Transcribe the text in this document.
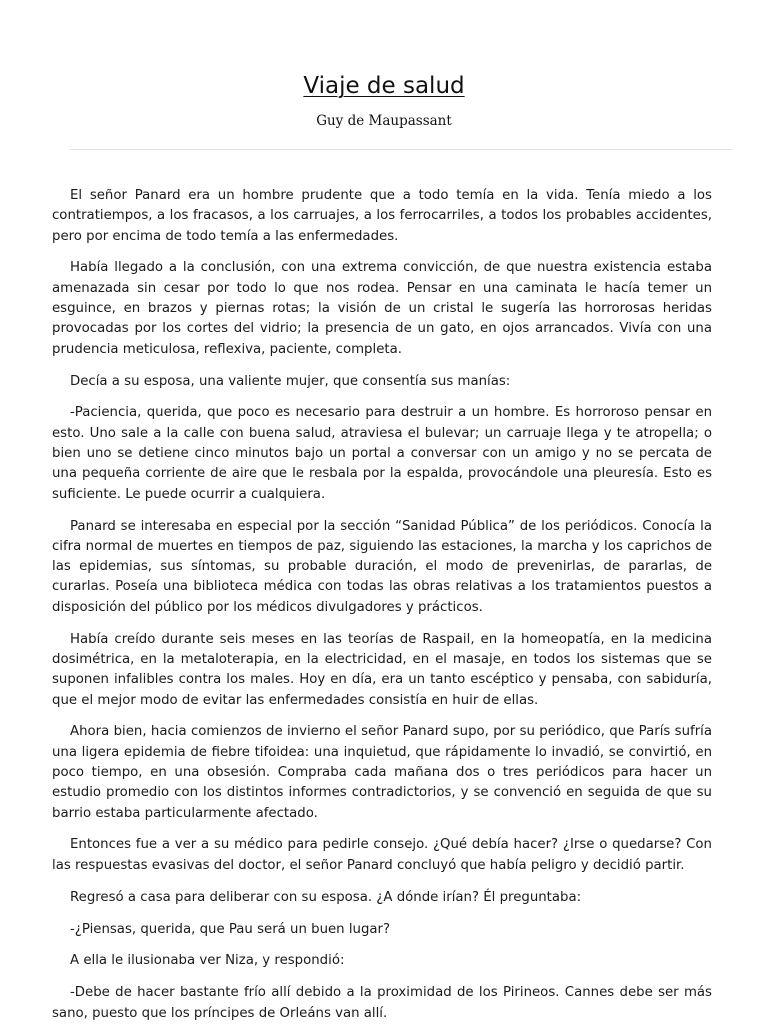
Viaje de salud
Guy de Maupassant

El señor Panard era un hombre prudente que a todo temía en la vida. Tenía miedo a los contratiempos, a los fracasos, a los carruajes, a los ferrocarriles, a todos los probables accidentes, pero por encima de todo temía a las enfermedades.

Había llegado a la conclusión, con una extrema convicción, de que nuestra existencia estaba amenazada sin cesar por todo lo que nos rodea. Pensar en una caminata le hacía temer un esguince, en brazos y piernas rotas; la visión de un cristal le sugería las horrorosas heridas provocadas por los cortes del vidrio; la presencia de un gato, en ojos arrancados. Vivía con una prudencia meticulosa, reflexiva, paciente, completa.

Decía a su esposa, una valiente mujer, que consentía sus manías:

-Paciencia, querida, que poco es necesario para destruir a un hombre. Es horroroso pensar en esto. Uno sale a la calle con buena salud, atraviesa el bulevar; un carruaje llega y te atropella; o bien uno se detiene cinco minutos bajo un portal a conversar con un amigo y no se percata de una pequeña corriente de aire que le resbala por la espalda, provocándole una pleuresía. Esto es suficiente. Le puede ocurrir a cualquiera.

Panard se interesaba en especial por la sección “Sanidad Pública” de los periódicos. Conocía la cifra normal de muertes en tiempos de paz, siguiendo las estaciones, la marcha y los caprichos de las epidemias, sus síntomas, su probable duración, el modo de prevenirlas, de pararlas, de curarlas. Poseía una biblioteca médica con todas las obras relativas a los tratamientos puestos a disposición del público por los médicos divulgadores y prácticos.

Había creído durante seis meses en las teorías de Raspail, en la homeopatía, en la medicina dosimétrica, en la metaloterapia, en la electricidad, en el masaje, en todos los sistemas que se suponen infalibles contra los males. Hoy en día, era un tanto escéptico y pensaba, con sabiduría, que el mejor modo de evitar las enfermedades consistía en huir de ellas.

Ahora bien, hacia comienzos de invierno el señor Panard supo, por su periódico, que París sufría una ligera epidemia de fiebre tifoidea: una inquietud, que rápidamente lo invadió, se convirtió, en poco tiempo, en una obsesión. Compraba cada mañana dos o tres periódicos para hacer un estudio promedio con los distintos informes contradictorios, y se convenció en seguida de que su barrio estaba particularmente afectado.

Entonces fue a ver a su médico para pedirle consejo. ¿Qué debía hacer? ¿Irse o quedarse? Con las respuestas evasivas del doctor, el señor Panard concluyó que había peligro y decidió partir.

Regresó a casa para deliberar con su esposa. ¿A dónde irían? Él preguntaba:

-¿Piensas, querida, que Pau será un buen lugar?

A ella le ilusionaba ver Niza, y respondió:

-Debe de hacer bastante frío allí debido a la proximidad de los Pirineos. Cannes debe ser más sano, puesto que los príncipes de Orleáns van allí.
